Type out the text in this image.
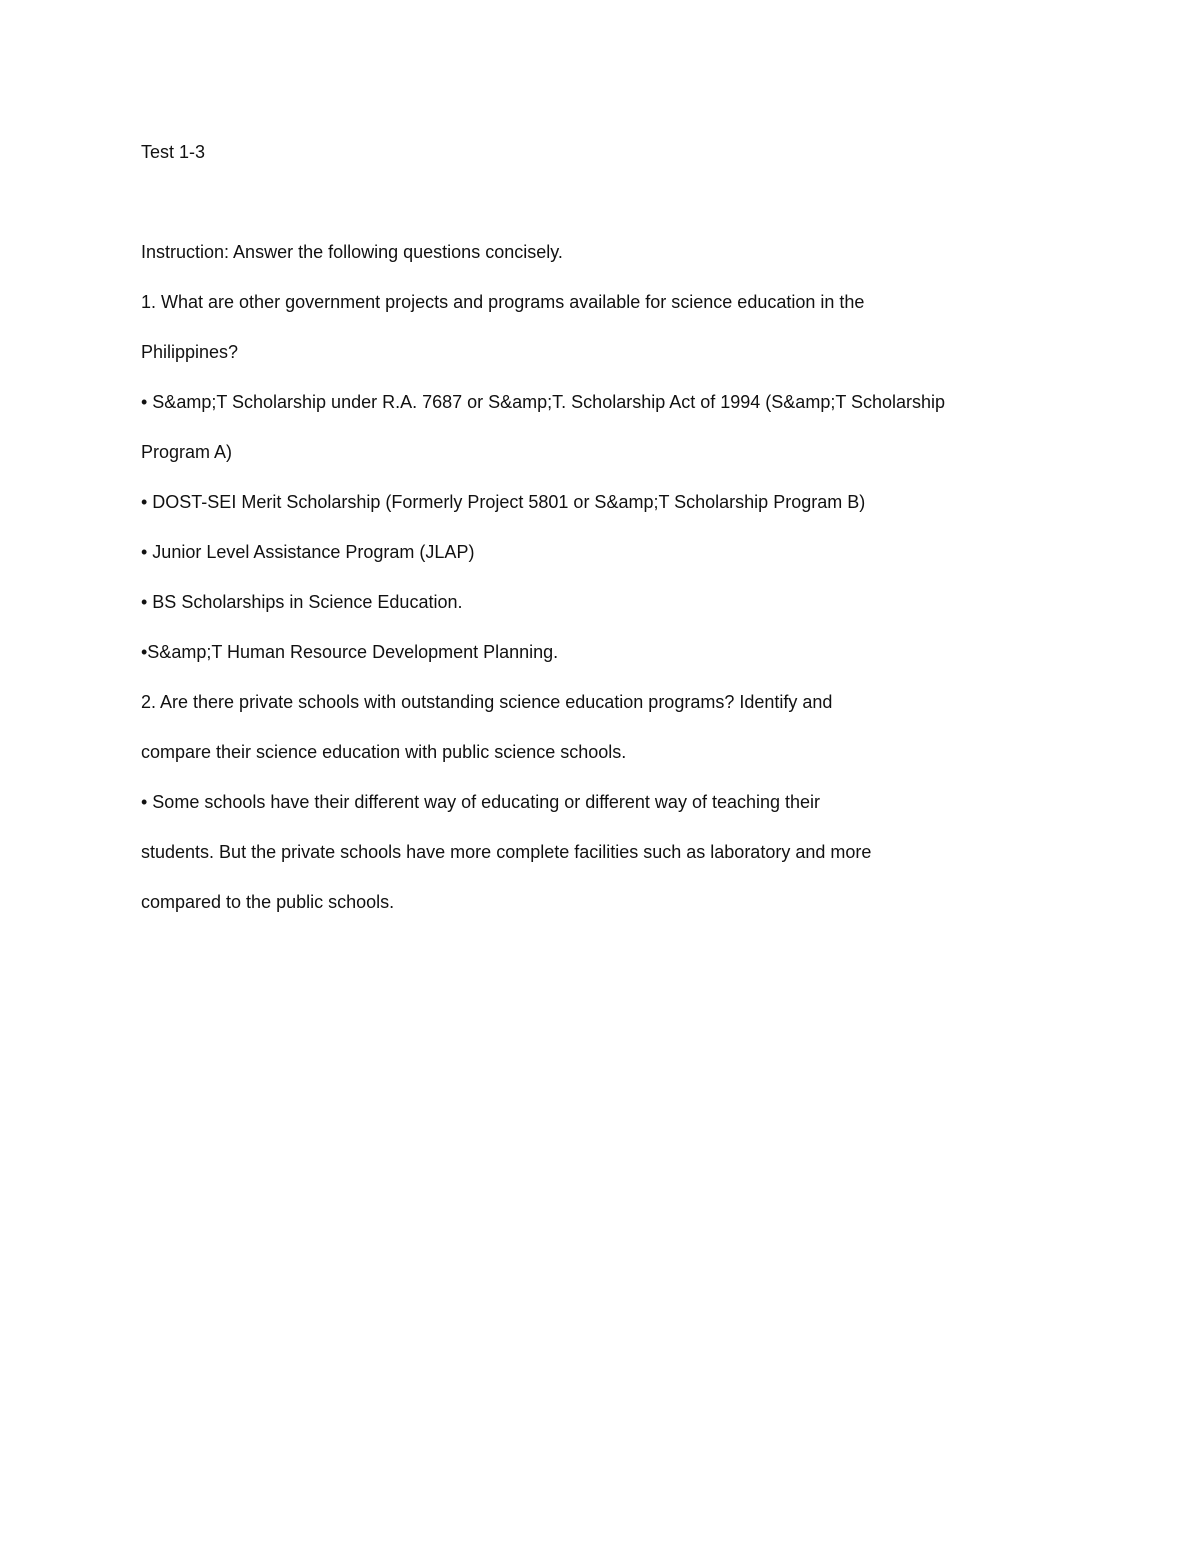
Test 1-3

Instruction: Answer the following questions concisely.

1. What are other government projects and programs available for science education in the

Philippines?

• S&amp;T Scholarship under R.A. 7687 or S&amp;T. Scholarship Act of 1994 (S&amp;T Scholarship

Program A)

• DOST-SEI Merit Scholarship (Formerly Project 5801 or S&amp;T Scholarship Program B)

• Junior Level Assistance Program (JLAP)

• BS Scholarships in Science Education.

•S&amp;T Human Resource Development Planning.

2. Are there private schools with outstanding science education programs? Identify and

compare their science education with public science schools.

• Some schools have their different way of educating or different way of teaching their

students. But the private schools have more complete facilities such as laboratory and more

compared to the public schools.
